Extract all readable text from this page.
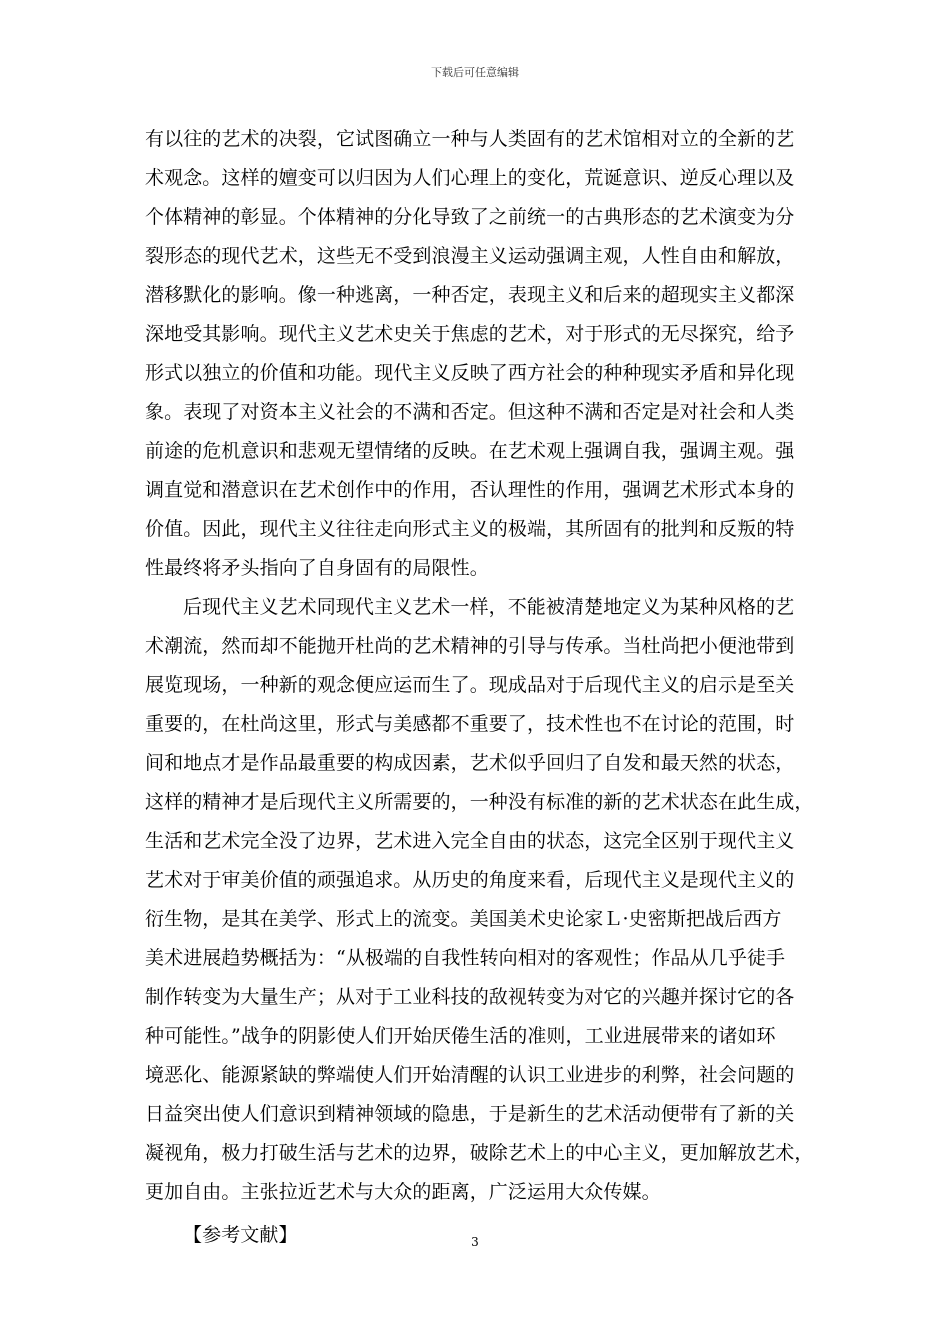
下载后可任意编辑
有以往的艺术的决裂，它试图确立一种与人类固有的艺术馆相对立的全新的艺
术观念。这样的嬗变可以归因为人们心理上的变化，荒诞意识、逆反心理以及
个体精神的彰显。个体精神的分化导致了之前统一的古典形态的艺术演变为分
裂形态的现代艺术，这些无不受到浪漫主义运动强调主观，人性自由和解放，
潜移默化的影响。像一种逃离，一种否定，表现主义和后来的超现实主义都深
深地受其影响。现代主义艺术史关于焦虑的艺术，对于形式的无尽探究，给予
形式以独立的价值和功能。现代主义反映了西方社会的种种现实矛盾和异化现
象。表现了对资本主义社会的不满和否定。但这种不满和否定是对社会和人类
前途的危机意识和悲观无望情绪的反映。在艺术观上强调自我，强调主观。强
调直觉和潜意识在艺术创作中的作用，否认理性的作用，强调艺术形式本身的
价值。因此，现代主义往往走向形式主义的极端，其所固有的批判和反叛的特
性最终将矛头指向了自身固有的局限性。
后现代主义艺术同现代主义艺术一样，不能被清楚地定义为某种风格的艺
术潮流，然而却不能抛开杜尚的艺术精神的引导与传承。当杜尚把小便池带到
展览现场，一种新的观念便应运而生了。现成品对于后现代主义的启示是至关
重要的，在杜尚这里，形式与美感都不重要了，技术性也不在讨论的范围，时
间和地点才是作品最重要的构成因素，艺术似乎回归了自发和最天然的状态，
这样的精神才是后现代主义所需要的，一种没有标准的新的艺术状态在此生成，
生活和艺术完全没了边界，艺术进入完全自由的状态，这完全区别于现代主义
艺术对于审美价值的顽强追求。从历史的角度来看，后现代主义是现代主义的
衍生物，是其在美学、形式上的流变。美国美术史论家Ｌ·史密斯把战后西方
美术进展趋势概括为：“从极端的自我性转向相对的客观性；作品从几乎徒手
制作转变为大量生产；从对于工业科技的敌视转变为对它的兴趣并探讨它的各
种可能性。”战争的阴影使人们开始厌倦生活的准则，工业进展带来的诸如环
境恶化、能源紧缺的弊端使人们开始清醒的认识工业进步的利弊，社会问题的
日益突出使人们意识到精神领域的隐患，于是新生的艺术活动便带有了新的关
凝视角，极力打破生活与艺术的边界，破除艺术上的中心主义，更加解放艺术，
更加自由。主张拉近艺术与大众的距离，广泛运用大众传媒。
【参考文献】	3
